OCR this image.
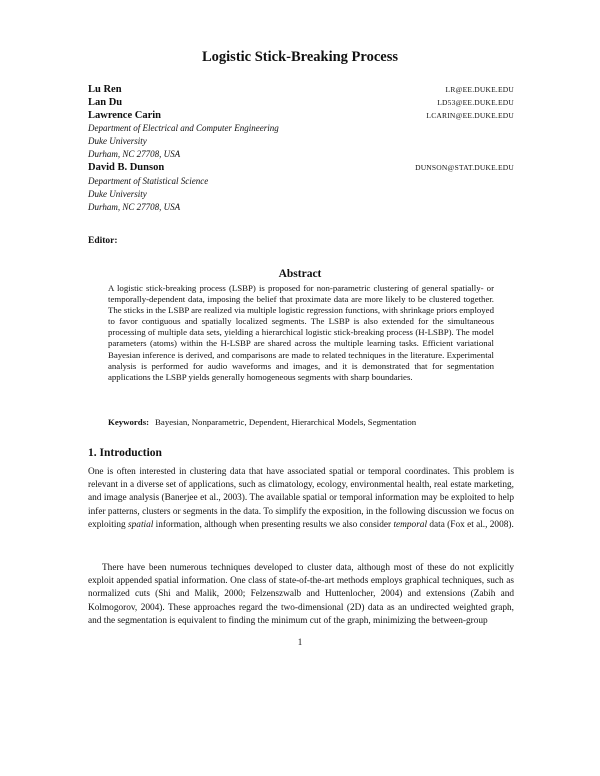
Logistic Stick-Breaking Process
Lu Ren	LR@EE.DUKE.EDU
Lan Du	LD53@EE.DUKE.EDU
Lawrence Carin	LCARIN@EE.DUKE.EDU
Department of Electrical and Computer Engineering
Duke University
Durham, NC 27708, USA
David B. Dunson	DUNSON@STAT.DUKE.EDU
Department of Statistical Science
Duke University
Durham, NC 27708, USA
Editor:
Abstract
A logistic stick-breaking process (LSBP) is proposed for non-parametric clustering of general spatially- or temporally-dependent data, imposing the belief that proximate data are more likely to be clustered together. The sticks in the LSBP are realized via multiple logistic regression functions, with shrinkage priors employed to favor contiguous and spatially localized segments. The LSBP is also extended for the simultaneous processing of multiple data sets, yielding a hierarchical logistic stick-breaking process (H-LSBP). The model parameters (atoms) within the H-LSBP are shared across the multiple learning tasks. Efficient variational Bayesian inference is derived, and comparisons are made to related techniques in the literature. Experimental analysis is performed for audio waveforms and images, and it is demonstrated that for segmentation applications the LSBP yields generally homogeneous segments with sharp boundaries.
Keywords: Bayesian, Nonparametric, Dependent, Hierarchical Models, Segmentation
1. Introduction
One is often interested in clustering data that have associated spatial or temporal coordinates. This problem is relevant in a diverse set of applications, such as climatology, ecology, environmental health, real estate marketing, and image analysis (Banerjee et al., 2003). The available spatial or temporal information may be exploited to help infer patterns, clusters or segments in the data. To simplify the exposition, in the following discussion we focus on exploiting spatial information, although when presenting results we also consider temporal data (Fox et al., 2008).
There have been numerous techniques developed to cluster data, although most of these do not explicitly exploit appended spatial information. One class of state-of-the-art methods employs graphical techniques, such as normalized cuts (Shi and Malik, 2000; Felzenszwalb and Huttenlocher, 2004) and extensions (Zabih and Kolmogorov, 2004). These approaches regard the two-dimensional (2D) data as an undirected weighted graph, and the segmentation is equivalent to finding the minimum cut of the graph, minimizing the between-group
1
